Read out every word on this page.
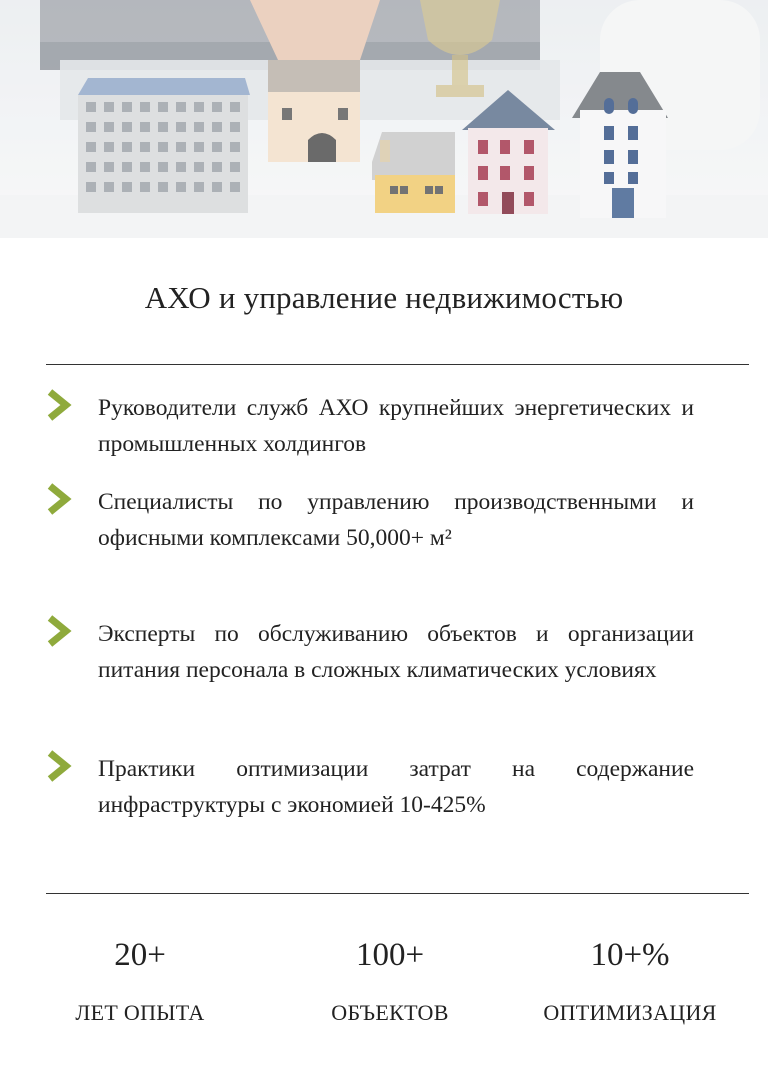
АХО и управление недвижимостью
Руководители служб АХО крупнейших энергетических и промышленных холдингов
Специалисты по управлению производственными и офисными комплексами 50,000+ м²
Эксперты по обслуживанию объектов и организации питания персонала в сложных климатических условиях
Практики оптимизации затрат на содержание инфраструктуры с экономией 10-425%
20+
ЛЕТ ОПЫТА
100+
ОБЪЕКТОВ
10+%
ОПТИМИЗАЦИЯ
